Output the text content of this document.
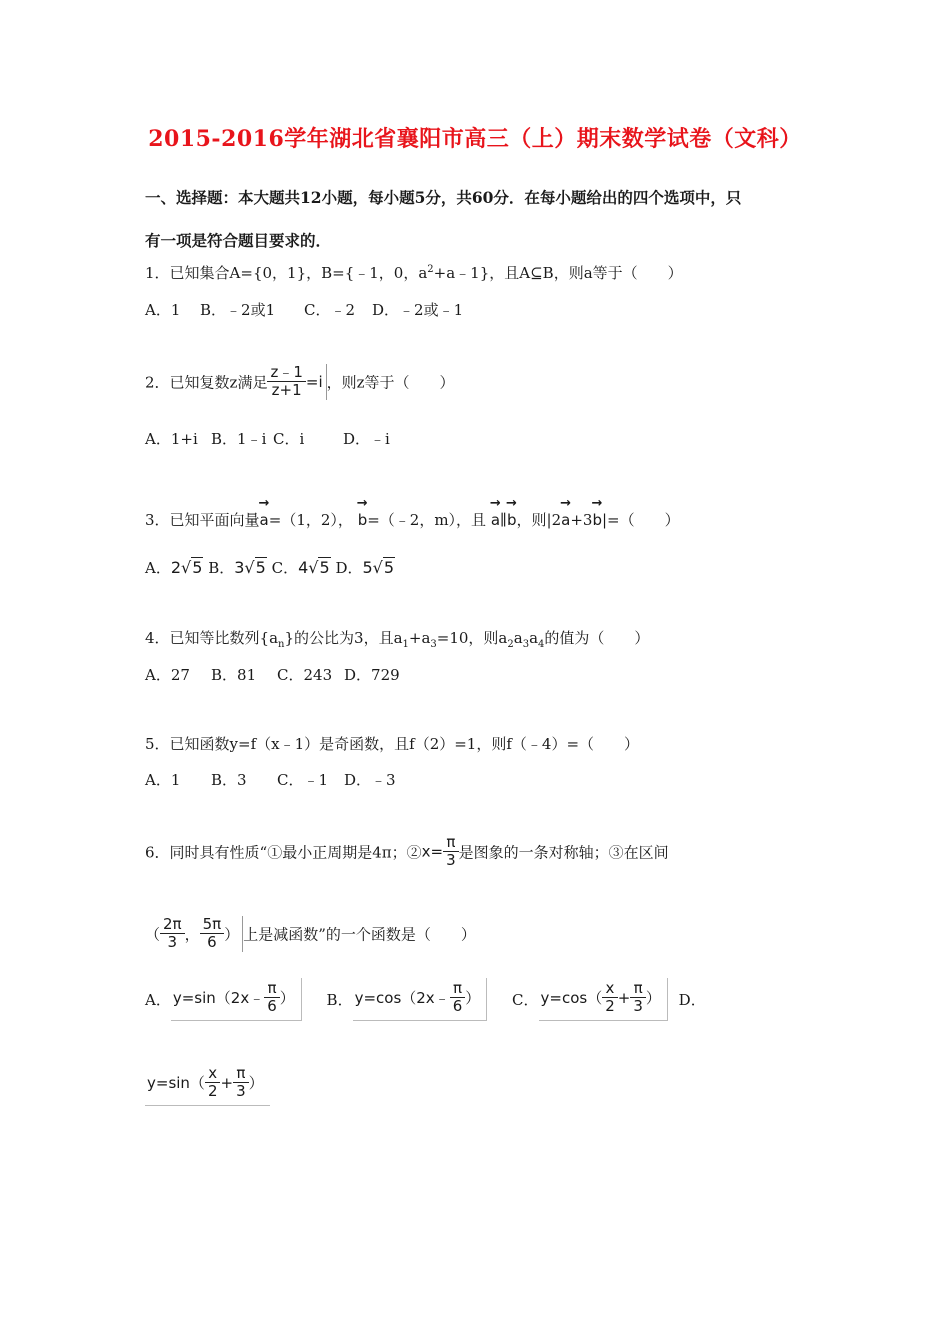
2015-2016学年湖北省襄阳市高三（上）期末数学试卷（文科）
一、选择题：本大题共12小题，每小题5分，共60分．在每小题给出的四个选项中，只
有一项是符合题目要求的．
1．已知集合A={0，1}，B={﹣1，0，$a^2+a﹣1$}，且A⊆B，则a等于（　　）
A．1 B．﹣2或1 C．﹣2 D．﹣2或﹣1
2．已知复数z满足 $\frac{z﹣1}{z+1} =i$ ，则z等于（　　）
A．1+i B．1﹣i C．i	D．﹣i
3．已知平面向量→ a=（1，2）， → b=（﹣2，m），且 → a∥→ b，则|2→ a+3→ b|=（　　）
A．2√5 B．3√5 C．4√5 D．5√5
4．已知等比数列$\{a_n\}$的公比为3，且$a_1+a_3=10$，则$a_2a_3a_4$的值为（　　）
A．27 B．81 C．243 D．729
5．已知函数y=f（x﹣1）是奇函数，且f（2）=1，则f（﹣4）=（　　）
A．1 B．3 C．﹣1 D．﹣3
6．同时具有性质“①最小正周期是4π；②x= $\frac{\pi}{3}$ 是图象的一条对称轴；③在区间
（ $\frac{2\pi}{3}$ ， $\frac{5\pi}{6}$ ） 上是减函数”的一个函数是（　　）
A． y=sin（2x﹣ $\frac{\pi}{6}$ ） B． y=cos（2x﹣ $\frac{\pi}{6}$ ） C． $y=\cos( \frac{x}{2} + \frac{\pi}{3}$ ） D．
$y=\sin( \frac{x}{2} + \frac{\pi}{3}$ ）
